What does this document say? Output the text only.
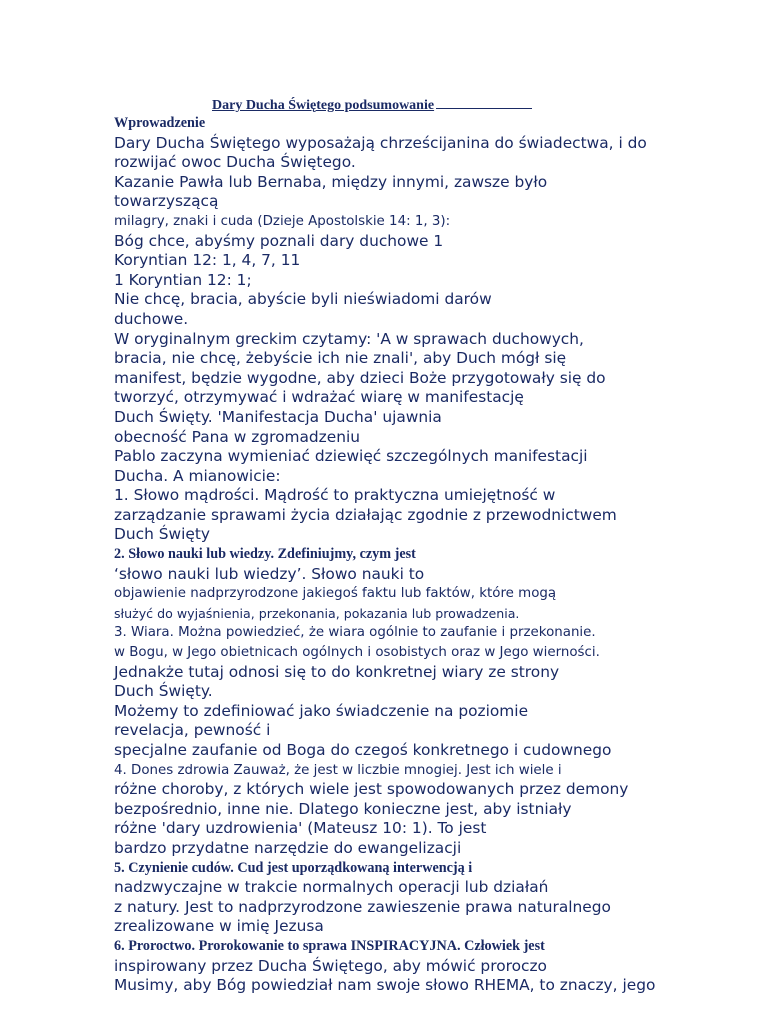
Dary Ducha Świętego podsumowanie
Wprowadzenie
Dary Ducha Świętego wyposażają chrześcijanina do świadectwa, i do
rozwijać owoc Ducha Świętego.
Kazanie Pawła lub Bernaba, między innymi, zawsze było
towarzyszącą
milagry, znaki i cuda (Dzieje Apostolskie 14: 1, 3):
Bóg chce, abyśmy poznali dary duchowe 1
Koryntian 12: 1, 4, 7, 11
1 Koryntian 12: 1;
Nie chcę, bracia, abyście byli nieświadomi darów
duchowe.
W oryginalnym greckim czytamy: 'A w sprawach duchowych,
bracia, nie chcę, żebyście ich nie znali', aby Duch mógł się
manifest, będzie wygodne, aby dzieci Boże przygotowały się do
tworzyć, otrzymywać i wdrażać wiarę w manifestację
Duch Święty. 'Manifestacja Ducha' ujawnia
obecność Pana w zgromadzeniu
Pablo zaczyna wymieniać dziewięć szczególnych manifestacji
Ducha. A mianowicie:
1. Słowo mądrości. Mądrość to praktyczna umiejętność w
zarządzanie sprawami życia działając zgodnie z przewodnictwem
Duch Święty
2. Słowo nauki lub wiedzy. Zdefiniujmy, czym jest
‘słowo nauki lub wiedzy’. Słowo nauki to
objawienie nadprzyrodzone jakiegoś faktu lub faktów, które mogą
służyć do wyjaśnienia, przekonania, pokazania lub prowadzenia.
3. Wiara. Można powiedzieć, że wiara ogólnie to zaufanie i przekonanie.
w Bogu, w Jego obietnicach ogólnych i osobistych oraz w Jego wierności.
Jednakże tutaj odnosi się to do konkretnej wiary ze strony
Duch Święty.
Możemy to zdefiniować jako świadczenie na poziomie
revelacja, pewność i
specjalne zaufanie od Boga do czegoś konkretnego i cudownego
4. Dones zdrowia Zauważ, że jest w liczbie mnogiej. Jest ich wiele i
różne choroby, z których wiele jest spowodowanych przez demony
bezpośrednio, inne nie. Dlatego konieczne jest, aby istniały
różne 'dary uzdrowienia' (Mateusz 10: 1). To jest
bardzo przydatne narzędzie do ewangelizacji
5. Czynienie cudów. Cud jest uporządkowaną interwencją i
nadzwyczajne w trakcie normalnych operacji lub działań
z natury. Jest to nadprzyrodzone zawieszenie prawa naturalnego
zrealizowane w imię Jezusa
6. Proroctwo. Prorokowanie to sprawa INSPIRACYJNA. Człowiek jest
inspirowany przez Ducha Świętego, aby mówić proroczo
Musimy, aby Bóg powiedział nam swoje słowo RHEMA, to znaczy, jego
